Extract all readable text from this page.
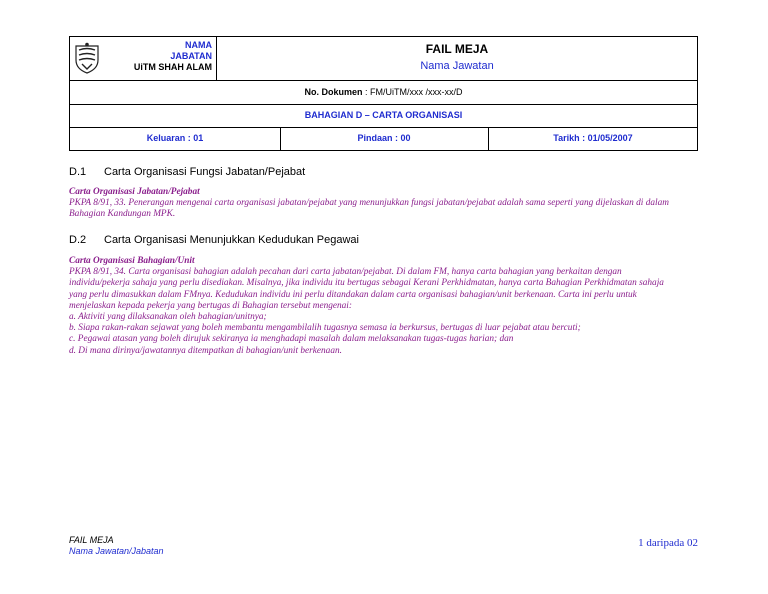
NAMA
JABATAN
UiTM SHAH ALAM
FAIL MEJA
Nama Jawatan
No. Dokumen : FM/UiTM/xxx /xxx-xx/D
BAHAGIAN D – CARTA ORGANISASI
Keluaran : 01	Pindaan : 00	Tarikh : 01/05/2007
D.1 Carta Organisasi Fungsi Jabatan/Pejabat
Carta Organisasi Jabatan/Pejabat
PKPA 8/91, 33. Penerangan mengenai carta organisasi jabatan/pejabat yang menunjukkan fungsi jabatan/pejabat adalah sama seperti yang dijelaskan di dalam
Bahagian Kandungan MPK.
D.2 Carta Organisasi Menunjukkan Kedudukan Pegawai
Carta Organisasi Bahagian/Unit
PKPA 8/91, 34. Carta organisasi bahagian adalah pecahan dari carta jabatan/pejabat. Di dalam FM, hanya carta bahagian yang berkaitan dengan
individu/pekerja sahaja yang perlu disediakan. Misalnya, jika individu itu bertugas sebagai Kerani Perkhidmatan, hanya carta Bahagian Perkhidmatan sahaja
yang perlu dimasukkan dalam FMnya. Kedudukan individu ini perlu ditandakan dalam carta organisasi bahagian/unit berkenaan. Carta ini perlu untuk
menjelaskan kepada pekerja yang bertugas di Bahagian tersebut mengenai:
a. Aktiviti yang dilaksanakan oleh bahagian/unitnya;
b. Siapa rakan-rakan sejawat yang boleh membantu mengambilalih tugasnya semasa ia berkursus, bertugas di luar pejabat atau bercuti;
c. Pegawai atasan yang boleh dirujuk sekiranya ia menghadapi masalah dalam melaksanakan tugas-tugas harian; dan
d. Di mana dirinya/jawatannya ditempatkan di bahagian/unit berkenaan.
FAIL MEJA
Nama Jawatan/Jabatan
1 daripada 02
